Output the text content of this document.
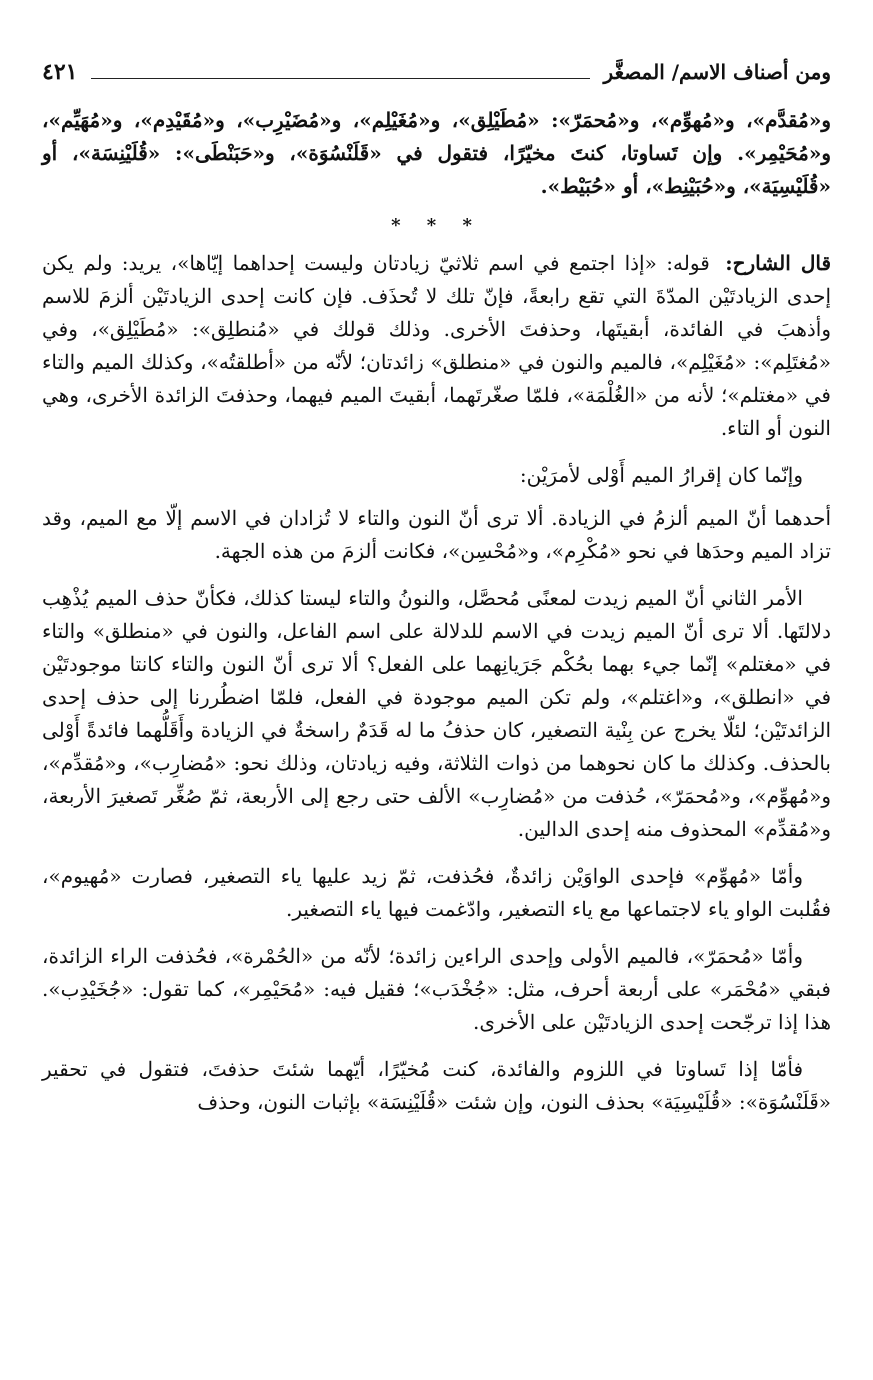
ومن أصناف الاسم/ المصغَّر
٤٢١
و«مُقدَّم»، و«مُهوِّم»، و«مُحمَرّ»: «مُطَيْلِق»، و«مُغَيْلِم»، و«مُضَيْرِب»، و«مُقَيْدِم»، و«مُهَيِّم»، و«مُحَيْمِر». وإن تَساوتا، كنتَ مخيّرًا، فتقول في «قَلَنْسُوَة»، و«حَبَنْطَى»: «قُلَيْنِسَة»، أو «قُلَيْسِيَة»، و«حُبَيْنِط»، أو «حُبَيْط».
* * *
قال الشارح: قوله: «إذا اجتمع في اسم ثلاثيّ زيادتان وليست إحداهما إيّاها»، يريد: ولم يكن إحدى الزيادتَيْن المدّةَ التي تقع رابعةً، فإنّ تلك لا تُحذَف. فإن كانت إحدى الزيادتَيْن ألزمَ للاسم وأذهبَ في الفائدة، أبقيتَها، وحذفتَ الأخرى. وذلك قولك في «مُنطلِق»: «مُطَيْلِق»، وفي «مُغتَلِم»: «مُغَيْلِم»، فالميم والنون في «منطلق» زائدتان؛ لأنّه من «أطلقتُه»، وكذلك الميم والتاء في «مغتلم»؛ لأنه من «الغُلْمَة»، فلمّا صغّرتَهما، أبقيتَ الميم فيهما، وحذفتَ الزائدة الأخرى، وهي النون أو التاء.
وإنّما كان إقرارُ الميم أَوْلى لأمرَيْن:
أحدهما أنّ الميم ألزمُ في الزيادة. ألا ترى أنّ النون والتاء لا تُزادان في الاسم إلّا مع الميم، وقد تزاد الميم وحدَها في نحو «مُكْرِم»، و«مُحْسِن»، فكانت ألزمَ من هذه الجهة.
الأمر الثاني أنّ الميم زيدت لمعنًى مُحصَّل، والنونُ والتاء ليستا كذلك، فكأنّ حذف الميم يُذْهِب دلالتَها. ألا ترى أنّ الميم زيدت في الاسم للدلالة على اسم الفاعل، والنون في «منطلق» والتاء في «مغتلم» إنّما جيء بهما بحُكْم جَرَيانِهما على الفعل؟ ألا ترى أنّ النون والتاء كانتا موجودتَيْن في «انطلق»، و«اغتلم»، ولم تكن الميم موجودة في الفعل، فلمّا اضطُررنا إلى حذف إحدى الزائدتَيْن؛ لئلّا يخرج عن بِنْية التصغير، كان حذفُ ما له قَدَمٌ راسخةٌ في الزيادة وأَقَلُّهما فائدةً أَوْلى بالحذف. وكذلك ما كان نحوهما من ذوات الثلاثة، وفيه زيادتان، وذلك نحو: «مُضارِب»، و«مُقدِّم»، و«مُهوِّم»، و«مُحمَرّ»، حُذفت من «مُضارِب» الألف حتى رجع إلى الأربعة، ثمّ صُغِّر تَصغيرَ الأربعة، و«مُقدِّم» المحذوف منه إحدى الدالين.
وأمّا «مُهوِّم» فإحدى الواوَيْن زائدةٌ، فحُذفت، ثمّ زيد عليها ياء التصغير، فصارت «مُهيوم»، فقُلبت الواو ياء لاجتماعها مع ياء التصغير، وادّغمت فيها ياء التصغير.
وأمّا «مُحمَرّ»، فالميم الأولى وإحدى الراءين زائدة؛ لأنّه من «الحُمْرة»، فحُذفت الراء الزائدة، فبقي «مُحْمَر» على أربعة أحرف، مثل: «جُخْدَب»؛ فقيل فيه: «مُحَيْمِر»، كما تقول: «جُخَيْدِب». هذا إذا ترجّحت إحدى الزيادتَيْن على الأخرى.
فأمّا إذا تَساوتا في اللزوم والفائدة، كنت مُخيّرًا، أيّهما شئتَ حذفتَ، فتقول في تحقير «قَلَنْسُوَة»: «قُلَيْسِيَة» بحذف النون، وإن شئت «قُلَيْنِسَة» بإثبات النون، وحذف
